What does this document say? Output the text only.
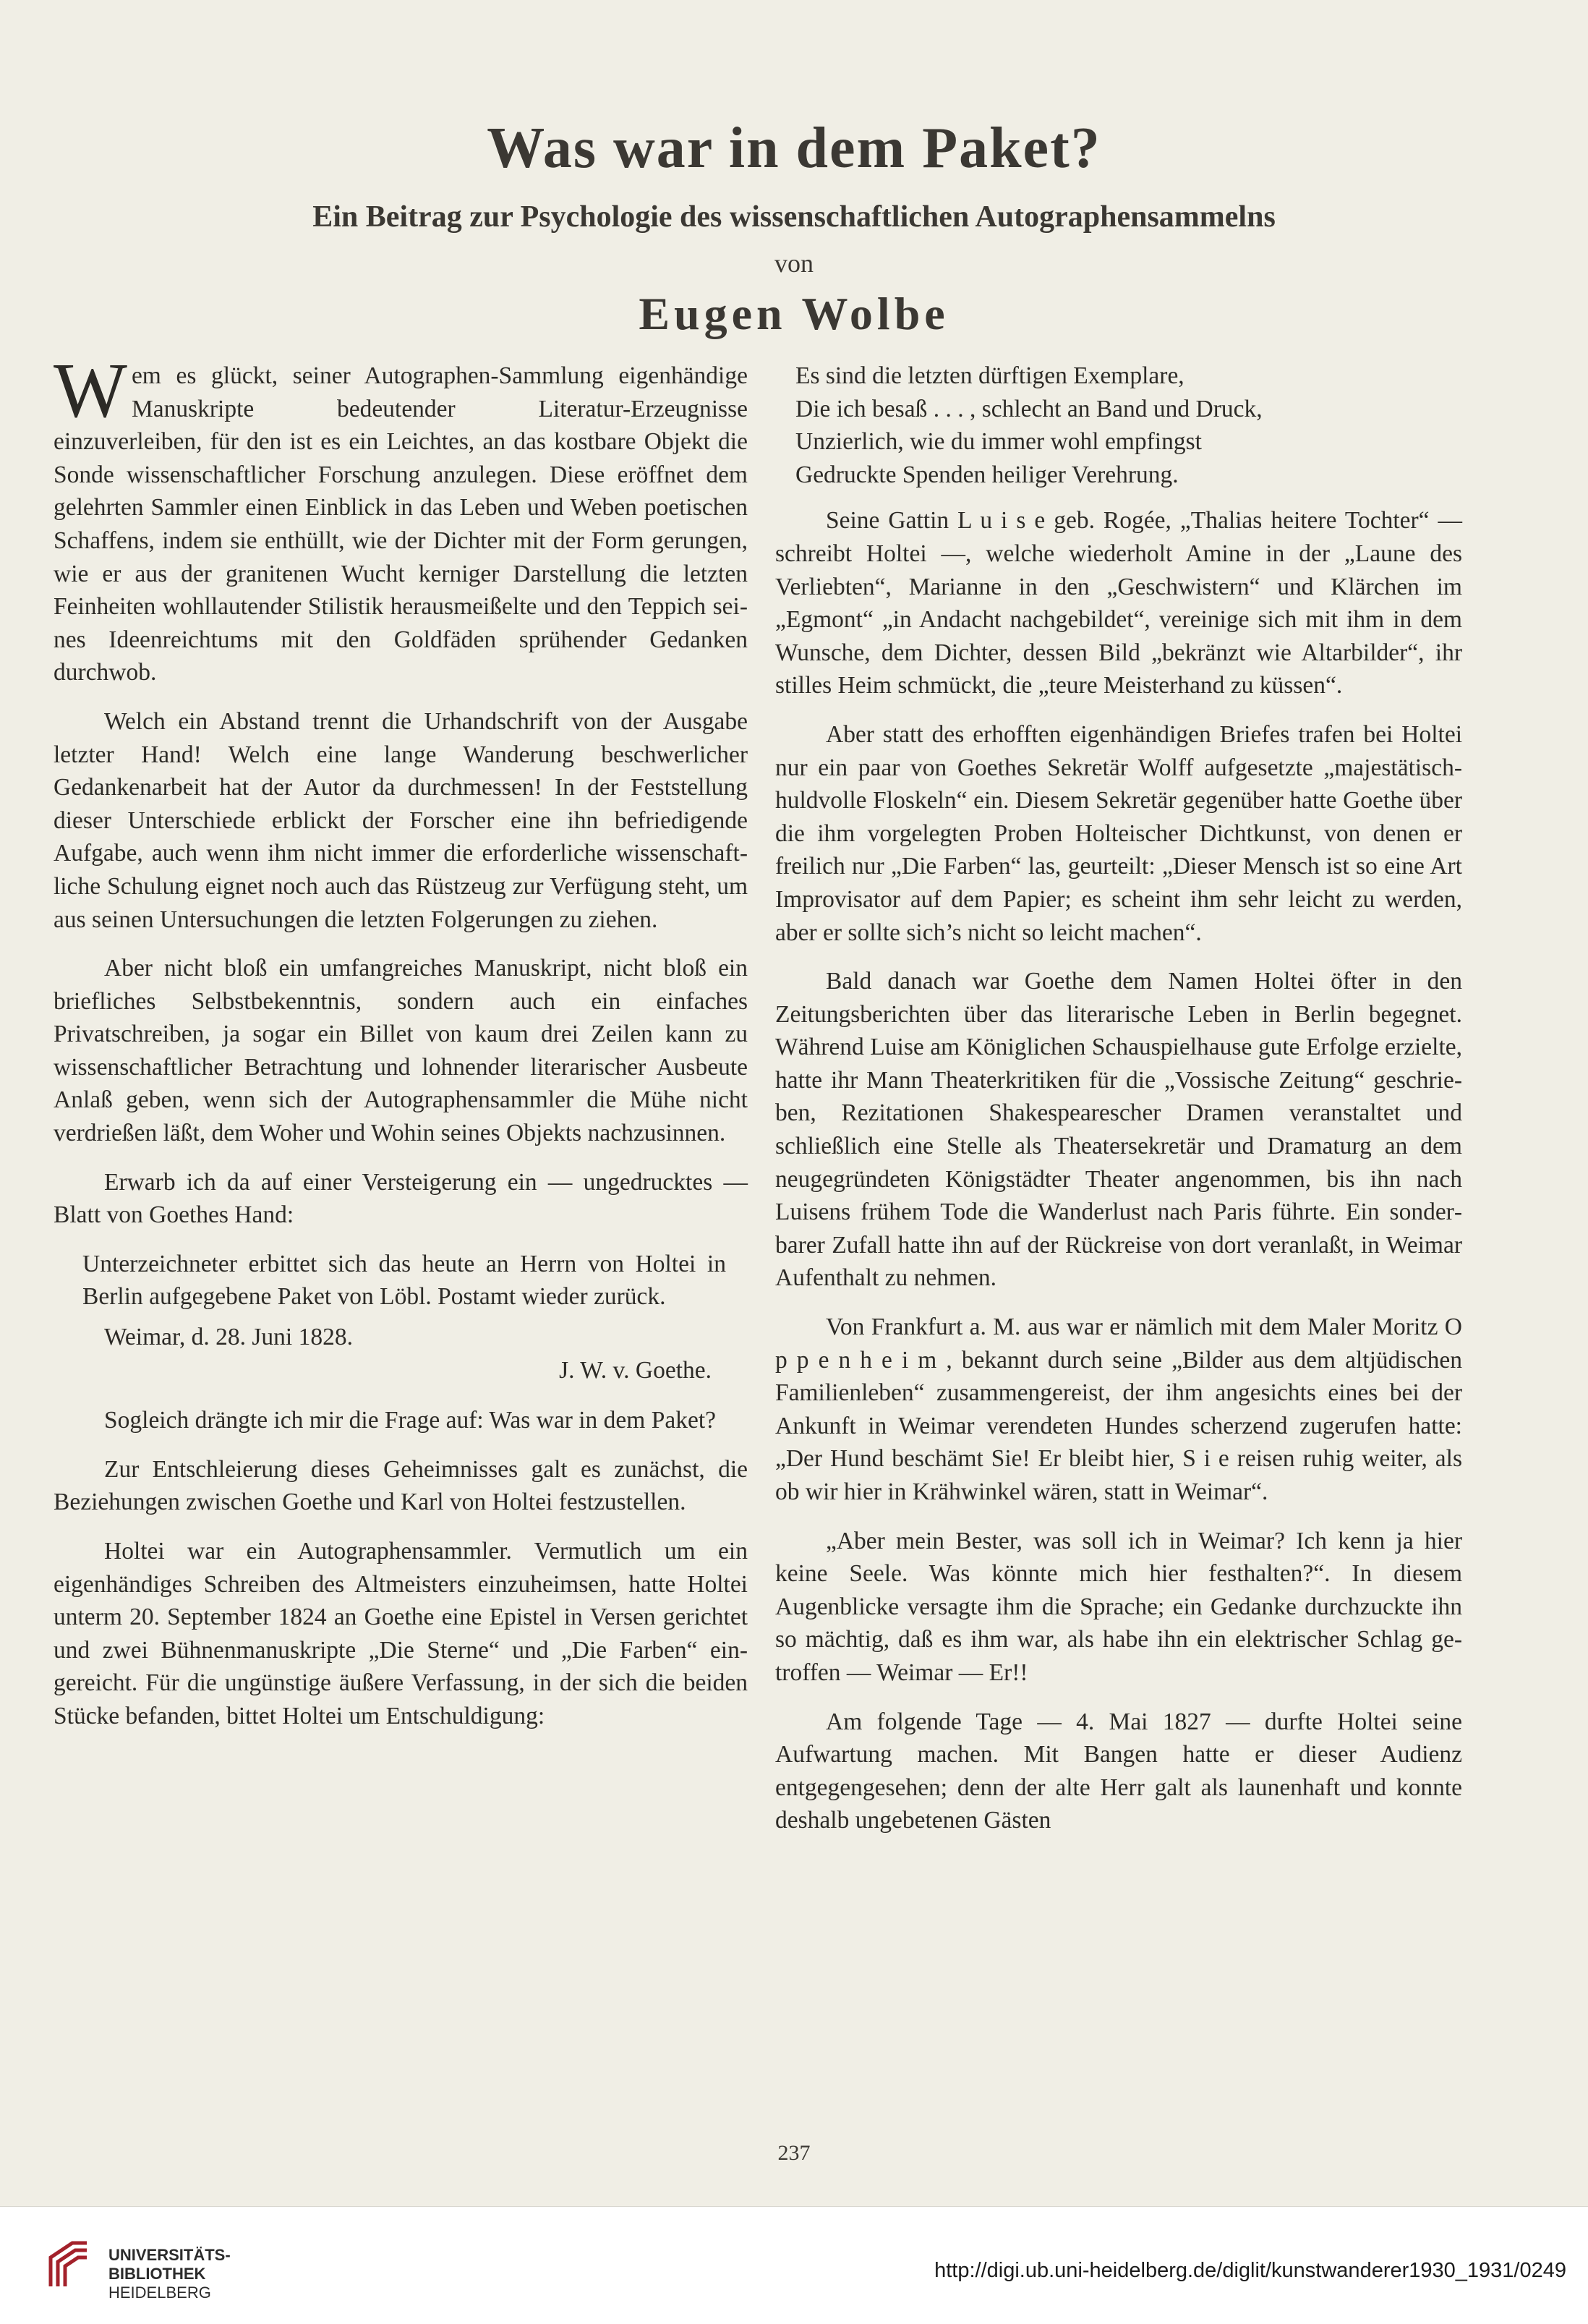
Was war in dem Paket?
Ein Beitrag zur Psychologie des wissenschaftlichen Autographensammelns
von
Eugen Wolbe

Wem es glückt, seiner Autographen-Sammlung eigenhändige Manuskripte bedeutender Literatur-Erzeugnisse einzuverleiben, für den ist es ein Leichtes, an das kostbare Objekt die Sonde wissenschaftlicher Forschung anzulegen. Diese eröffnet dem gelehrten Sammler einen Einblick in das Leben und Weben poetischen Schaffens, indem sie enthüllt, wie der Dichter mit der Form gerungen, wie er aus der granitenen Wucht kerniger Darstellung die letzten Feinheiten wohllautender Stilistik herausmeißelte und den Teppich seines Ideenreichtums mit den Goldfäden sprühender Gedanken durchwob.

Welch ein Abstand trennt die Urhandschrift von der Ausgabe letzter Hand! Welch eine lange Wanderung beschwerlicher Gedankenarbeit hat der Autor da durchmessen! In der Feststellung dieser Unterschiede erblickt der Forscher eine ihn befriedigende Aufgabe, auch wenn ihm nicht immer die erforderliche wissenschaftliche Schulung eignet noch auch das Rüstzeug zur Verfügung steht, um aus seinen Untersuchungen die letzten Folgerungen zu ziehen.

Aber nicht bloß ein umfangreiches Manuskript, nicht bloß ein briefliches Selbstbekenntnis, sondern auch ein einfaches Privatschreiben, ja sogar ein Billet von kaum drei Zeilen kann zu wissenschaftlicher Betrachtung und lohnender literarischer Ausbeute Anlaß geben, wenn sich der Autographensammler die Mühe nicht verdrießen läßt, dem Woher und Wohin seines Objekts nachzusinnen.

Erwarb ich da auf einer Versteigerung ein — ungedrucktes — Blatt von Goethes Hand:

Unterzeichneter erbittet sich das heute an Herrn von Holtei in Berlin aufgegebene Paket von Löbl. Postamt wieder zurück.

Weimar, d. 28. Juni 1828.

J. W. v. Goethe.

Sogleich drängte ich mir die Frage auf: Was war in dem Paket?

Zur Entschleierung dieses Geheimnisses galt es zunächst, die Beziehungen zwischen Goethe und Karl von Holtei festzustellen.

Holtei war ein Autographensammler. Vermutlich um ein eigenhändiges Schreiben des Altmeisters einzuheimsen, hatte Holtei unterm 20. September 1824 an Goethe eine Epistel in Versen gerichtet und zwei Bühnenmanuskripte „Die Sterne“ und „Die Farben“ eingereicht. Für die ungünstige äußere Verfassung, in der sich die beiden Stücke befanden, bittet Holtei um Entschuldigung:

Es sind die letzten dürftigen Exemplare,
Die ich besaß . . . , schlecht an Band und Druck,
Unzierlich, wie du immer wohl empfingst
Gedruckte Spenden heiliger Verehrung.

Seine Gattin L u i s e geb. Rogée, „Thalias heitere Tochter“ — schreibt Holtei —, welche wiederholt Amine in der „Laune des Verliebten“, Marianne in den „Geschwistern“ und Klärchen im „Egmont“ „in Andacht nachgebildet“, vereinige sich mit ihm in dem Wunsche, dem Dichter, dessen Bild „bekränzt wie Altarbilder“, ihr stilles Heim schmückt, die „teure Meisterhand zu küssen“.

Aber statt des erhofften eigenhändigen Briefes trafen bei Holtei nur ein paar von Goethes Sekretär Wolff aufgesetzte „majestätisch-huldvolle Floskeln“ ein. Diesem Sekretär gegenüber hatte Goethe über die ihm vorgelegten Proben Holteischer Dichtkunst, von denen er freilich nur „Die Farben“ las, geurteilt: „Dieser Mensch ist so eine Art Improvisator auf dem Papier; es scheint ihm sehr leicht zu werden, aber er sollte sich’s nicht so leicht machen“.

Bald danach war Goethe dem Namen Holtei öfter in den Zeitungsberichten über das literarische Leben in Berlin begegnet. Während Luise am Königlichen Schauspielhause gute Erfolge erzielte, hatte ihr Mann Theaterkritiken für die „Vossische Zeitung“ geschrieben, Rezitationen Shakespearescher Dramen veranstaltet und schließlich eine Stelle als Theatersekretär und Dramaturg an dem neugegründeten Königstädter Theater angenommen, bis ihn nach Luisens frühem Tode die Wanderlust nach Paris führte. Ein sonderbarer Zufall hatte ihn auf der Rückreise von dort veranlaßt, in Weimar Aufenthalt zu nehmen.

Von Frankfurt a. M. aus war er nämlich mit dem Maler Moritz O p p e n h e i m , bekannt durch seine „Bilder aus dem altjüdischen Familienleben“ zusammengereist, der ihm angesichts eines bei der Ankunft in Weimar verendeten Hundes scherzend zugerufen hatte: „Der Hund beschämt Sie! Er bleibt hier, S i e reisen ruhig weiter, als ob wir hier in Krähwinkel wären, statt in Weimar“.

„Aber mein Bester, was soll ich in Weimar? Ich kenn ja hier keine Seele. Was könnte mich hier festhalten?“. In diesem Augenblicke versagte ihm die Sprache; ein Gedanke durchzuckte ihn so mächtig, daß es ihm war, als habe ihn ein elektrischer Schlag getroffen — Weimar — Er!!

Am folgende Tage — 4. Mai 1827 — durfte Holtei seine Aufwartung machen. Mit Bangen hatte er dieser Audienz entgegengesehen; denn der alte Herr galt als launenhaft und konnte deshalb ungebetenen Gästen

237
UNIVERSITÄTS-
BIBLIOTHEK
HEIDELBERG
http://digi.ub.uni-heidelberg.de/diglit/kunstwanderer1930_1931/0249
